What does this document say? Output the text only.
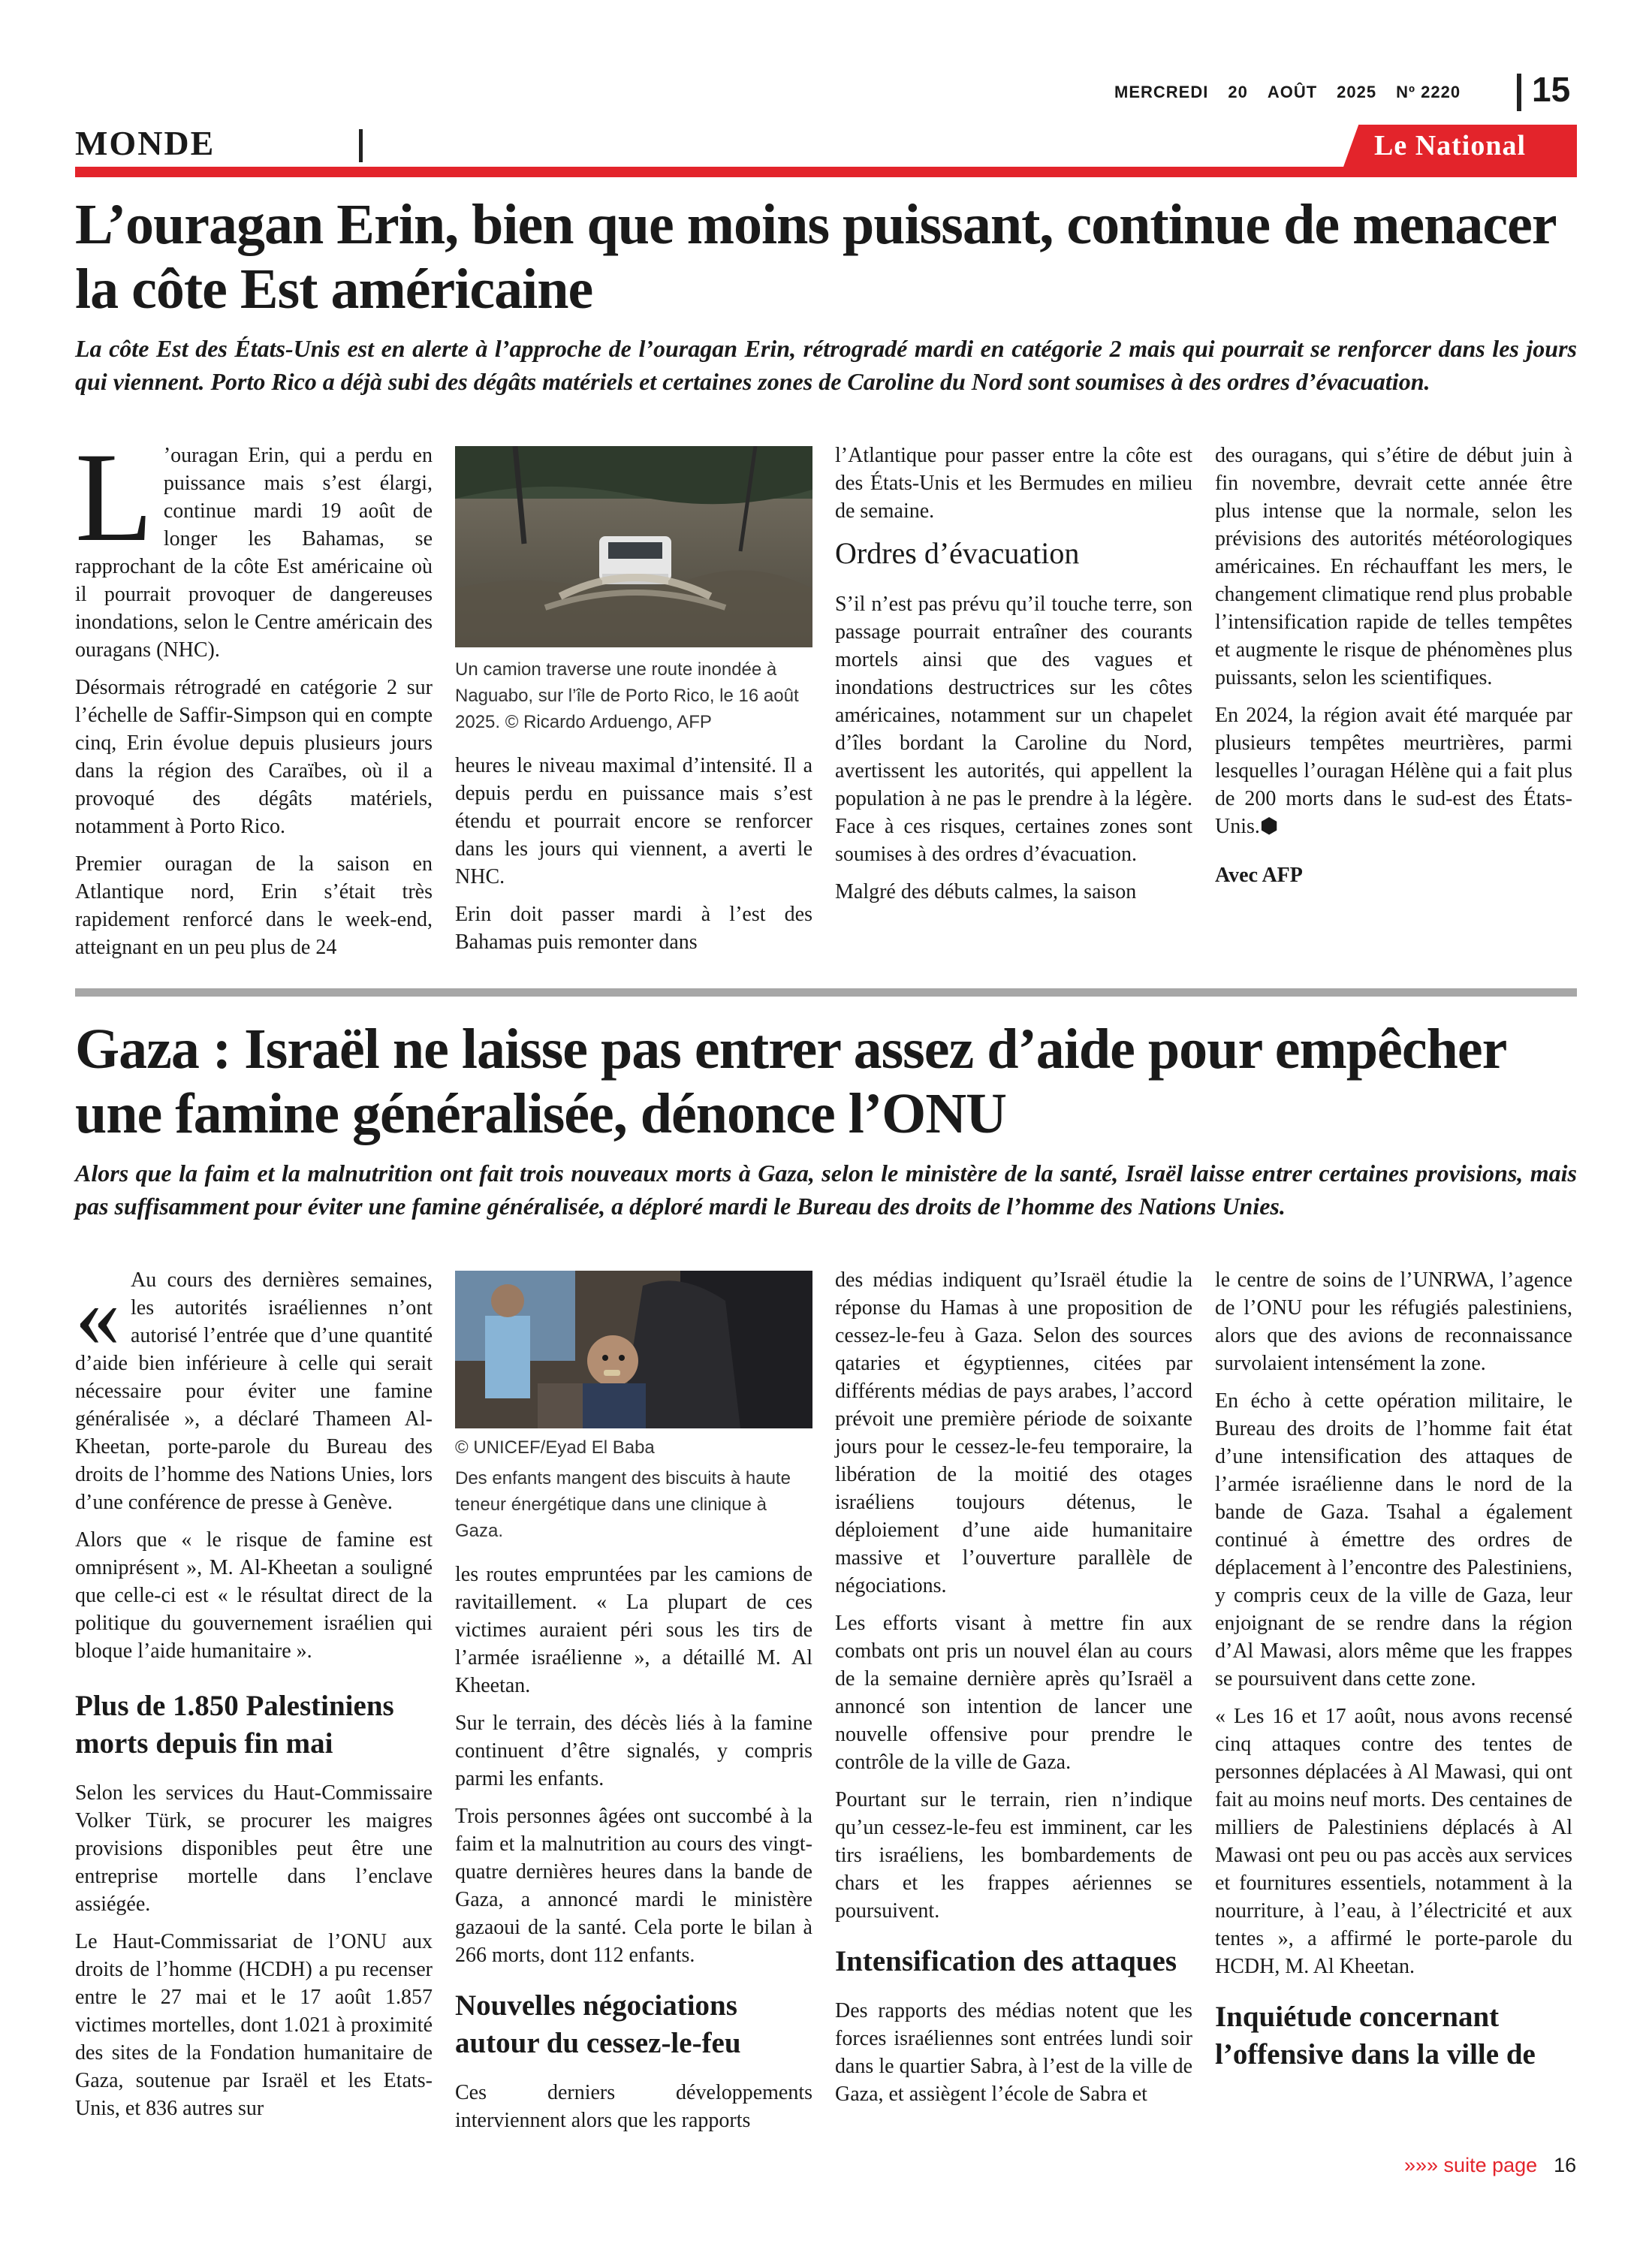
MERCREDI 20 AOÛT 2025 Nº 2220	15
MONDE	Le National
L’ouragan Erin, bien que moins puissant, continue de menacer
la côte Est américaine
La côte Est des États-Unis est en alerte à l’approche de l’ouragan Erin, rétrogradé mardi en catégorie 2 mais qui pourrait se renforcer dans les jours qui viennent. Porto Rico a déjà subi des dégâts matériels et certaines zones de Caroline du Nord sont soumises à des ordres d’évacuation.

L ’ouragan Erin, qui a perdu en puissance mais s’est élargi, continue mardi 19 août de longer les Bahamas, se rapprochant de la côte Est américaine où il pourrait provoquer de dangereuses inondations, selon le Centre américain des ouragans (NHC).

Désormais rétrogradé en catégorie 2 sur l’échelle de Saffir-Simpson qui en compte cinq, Erin évolue depuis plusieurs jours dans la région des Caraïbes, où il a provoqué des dégâts matériels, notamment à Porto Rico.

Premier ouragan de la saison en Atlantique nord, Erin s’était très rapidement renforcé dans le week-end, atteignant en un peu plus de 24

Un camion traverse une route inondée à Naguabo, sur l’île de Porto Rico, le 16 août 2025. © Ricardo Arduengo, AFP

heures le niveau maximal d’intensité. Il a depuis perdu en puissance mais s’est étendu et pourrait encore se renforcer dans les jours qui viennent, a averti le NHC.

Erin doit passer mardi à l’est des Bahamas puis remonter dans

l’Atlantique pour passer entre la côte est des États-Unis et les Bermudes en milieu de semaine.

Ordres d’évacuation

S’il n’est pas prévu qu’il touche terre, son passage pourrait entraîner des courants mortels ainsi que des vagues et inondations destructrices sur les côtes américaines, notamment sur un chapelet d’îles bordant la Caroline du Nord, avertissent les autorités, qui appellent la population à ne pas le prendre à la légère. Face à ces risques, certaines zones sont soumises à des ordres d’évacuation.

Malgré des débuts calmes, la saison

des ouragans, qui s’étire de début juin à fin novembre, devrait cette année être plus intense que la normale, selon les prévisions des autorités météorologiques américaines. En réchauffant les mers, le changement climatique rend plus probable l’intensification rapide de telles tempêtes et augmente le risque de phénomènes plus puissants, selon les scientifiques.

En 2024, la région avait été marquée par plusieurs tempêtes meurtrières, parmi lesquelles l’ouragan Hélène qui a fait plus de 200 morts dans le sud-est des États-Unis.⬢

Avec AFP

Gaza : Israël ne laisse pas entrer assez d’aide pour empêcher
une famine généralisée, dénonce l’ONU
Alors que la faim et la malnutrition ont fait trois nouveaux morts à Gaza, selon le ministère de la santé, Israël laisse entrer certaines provisions, mais pas suffisamment pour éviter une famine généralisée, a déploré mardi le Bureau des droits de l’homme des Nations Unies.

« Au cours des dernières semaines, les autorités israéliennes n’ont autorisé l’entrée que d’une quantité d’aide bien inférieure à celle qui serait nécessaire pour éviter une famine généralisée », a déclaré Thameen Al-Kheetan, porte-parole du Bureau des droits de l’homme des Nations Unies, lors d’une conférence de presse à Genève.

Alors que « le risque de famine est omniprésent », M. Al-Kheetan a souligné que celle-ci est « le résultat direct de la politique du gouvernement israélien qui bloque l’aide humanitaire ».

Plus de 1.850 Palestiniens morts depuis fin mai

Selon les services du Haut-Commissaire Volker Türk, se procurer les maigres provisions disponibles peut être une entreprise mortelle dans l’enclave assiégée.

Le Haut-Commissariat de l’ONU aux droits de l’homme (HCDH) a pu recenser entre le 27 mai et le 17 août 1.857 victimes mortelles, dont 1.021 à proximité des sites de la Fondation humanitaire de Gaza, soutenue par Israël et les Etats-Unis, et 836 autres sur

© UNICEF/Eyad El Baba

Des enfants mangent des biscuits à haute teneur énergétique dans une clinique à Gaza.

les routes empruntées par les camions de ravitaillement. « La plupart de ces victimes auraient péri sous les tirs de l’armée israélienne », a détaillé M. Al Kheetan.

Sur le terrain, des décès liés à la famine continuent d’être signalés, y compris parmi les enfants.

Trois personnes âgées ont succombé à la faim et la malnutrition au cours des vingt-quatre dernières heures dans la bande de Gaza, a annoncé mardi le ministère gazaoui de la santé. Cela porte le bilan à 266 morts, dont 112 enfants.

Nouvelles négociations autour du cessez-le-feu

Ces derniers développements interviennent alors que les rapports

des médias indiquent qu’Israël étudie la réponse du Hamas à une proposition de cessez-le-feu à Gaza. Selon des sources qataries et égyptiennes, citées par différents médias de pays arabes, l’accord prévoit une première période de soixante jours pour le cessez-le-feu temporaire, la libération de la moitié des otages israéliens toujours détenus, le déploiement d’une aide humanitaire massive et l’ouverture parallèle de négociations.

Les efforts visant à mettre fin aux combats ont pris un nouvel élan au cours de la semaine dernière après qu’Israël a annoncé son intention de lancer une nouvelle offensive pour prendre le contrôle de la ville de Gaza.

Pourtant sur le terrain, rien n’indique qu’un cessez-le-feu est imminent, car les tirs israéliens, les bombardements de chars et les frappes aériennes se poursuivent.

Intensification des attaques

Des rapports des médias notent que les forces israéliennes sont entrées lundi soir dans le quartier Sabra, à l’est de la ville de Gaza, et assiègent l’école de Sabra et

le centre de soins de l’UNRWA, l’agence de l’ONU pour les réfugiés palestiniens, alors que des avions de reconnaissance survolaient intensément la zone.

En écho à cette opération militaire, le Bureau des droits de l’homme fait état d’une intensification des attaques de l’armée israélienne dans le nord de la bande de Gaza. Tsahal a également continué à émettre des ordres de déplacement à l’encontre des Palestiniens, y compris ceux de la ville de Gaza, leur enjoignant de se rendre dans la région d’Al Mawasi, alors même que les frappes se poursuivent dans cette zone.

« Les 16 et 17 août, nous avons recensé cinq attaques contre des tentes de personnes déplacées à Al Mawasi, qui ont fait au moins neuf morts. Des centaines de milliers de Palestiniens déplacés à Al Mawasi ont peu ou pas accès aux services et fournitures essentiels, notamment à la nourriture, à l’eau, à l’électricité et aux tentes », a affirmé le porte-parole du HCDH, M. Al Kheetan.

Inquiétude concernant l’offensive dans la ville de

»»» suite page 16
